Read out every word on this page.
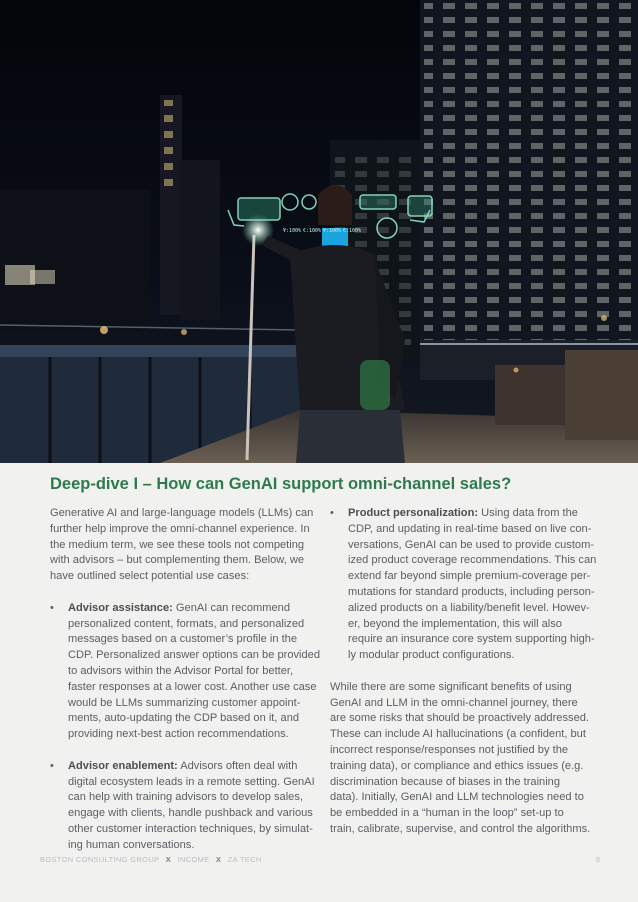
¥:100% €:100% ¥:100% €:100%
Deep-dive I – How can GenAI support omni-channel sales?

Generative AI and large-language models (LLMs) can
further help improve the omni-channel experience. In
the medium term, we see these tools not competing
with advisors – but complementing them. Below, we
have outlined select potential use cases:

•	Advisor assistance: GenAI can recommend
personalized content, formats, and personalized
messages based on a customer’s profile in the
CDP. Personalized answer options can be provided
to advisors within the Advisor Portal for better,
faster responses at a lower cost. Another use case
would be LLMs summarizing customer appoint-
ments, auto-updating the CDP based on it, and
providing next-best action recommendations.
•	Advisor enablement: Advisors often deal with
digital ecosystem leads in a remote setting. GenAI
can help with training advisors to develop sales,
engage with clients, handle pushback and various
other customer interaction techniques, by simulat-
ing human conversations.
•	Product personalization: Using data from the
CDP, and updating in real-time based on live con-
versations, GenAI can be used to provide custom-
ized product coverage recommendations. This can
extend far beyond simple premium-coverage per-
mutations for standard products, including person-
alized products on a liability/benefit level. Howev-
er, beyond the implementation, this will also
require an insurance core system supporting high-
ly modular product configurations.

While there are some significant benefits of using
GenAI and LLM in the omni-channel journey, there
are some risks that should be proactively addressed.
These can include AI hallucinations (a confident, but
incorrect response/responses not justified by the
training data), or compliance and ethics issues (e.g.
discrimination because of biases in the training
data). Initially, GenAI and LLM technologies need to
be embedded in a “human in the loop” set-up to
train, calibrate, supervise, and control the algorithms.

BOSTON CONSULTING GROUP X INCOME X ZA TECH	8
